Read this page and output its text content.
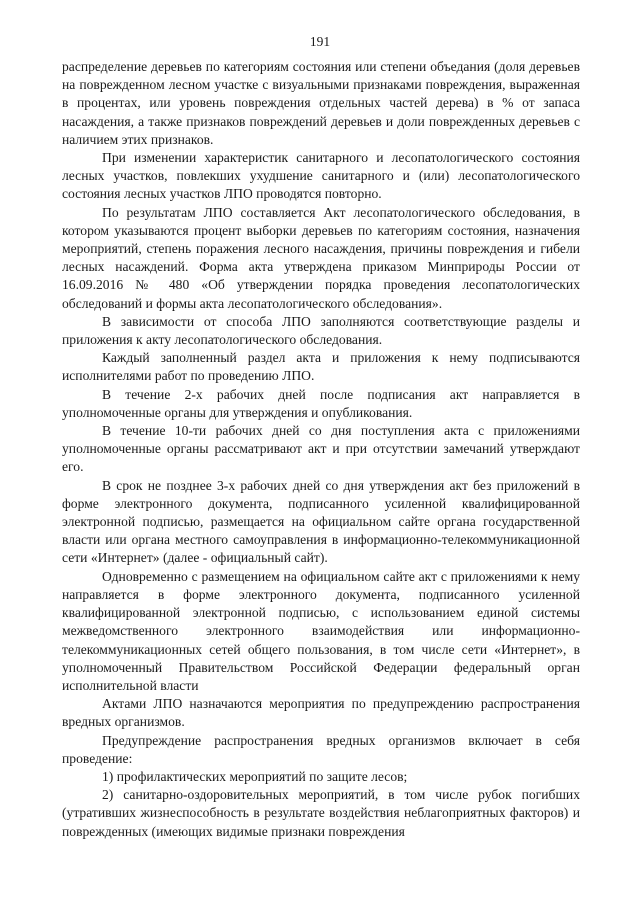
191

распределение деревьев по категориям состояния или степени объедания (доля деревьев на поврежденном лесном участке с визуальными признаками повреждения, выраженная в процентах, или уровень повреждения отдельных частей дерева) в % от запаса насаждения, а также признаков повреждений деревьев и доли поврежденных деревьев с наличием этих признаков.

При изменении характеристик санитарного и лесопатологического состояния лесных участков, повлекших ухудшение санитарного и (или) лесопатологического состояния лесных участков ЛПО проводятся повторно.

По результатам ЛПО составляется Акт лесопатологического обследования, в котором указываются процент выборки деревьев по категориям состояния, назначения мероприятий, степень поражения лесного насаждения, причины повреждения и гибели лесных насаждений. Форма акта утверждена приказом Минприроды России от 16.09.2016 № 480 «Об утверждении порядка проведения лесопатологических обследований и формы акта лесопатологического обследования».

В зависимости от способа ЛПО заполняются соответствующие разделы и приложения к акту лесопатологического обследования.

Каждый заполненный раздел акта и приложения к нему подписываются исполнителями работ по проведению ЛПО.

В течение 2-х рабочих дней после подписания акт направляется в уполномоченные органы для утверждения и опубликования.

В течение 10-ти рабочих дней со дня поступления акта с приложениями уполномоченные органы рассматривают акт и при отсутствии замечаний утверждают его.

В срок не позднее 3-х рабочих дней со дня утверждения акт без приложений в форме электронного документа, подписанного усиленной квалифицированной электронной подписью, размещается на официальном сайте органа государственной власти или органа местного самоуправления в информационно-телекоммуникационной сети «Интернет» (далее - официальный сайт).

Одновременно с размещением на официальном сайте акт с приложениями к нему направляется в форме электронного документа, подписанного усиленной квалифицированной электронной подписью, с использованием единой системы межведомственного электронного взаимодействия или информационно-телекоммуникационных сетей общего пользования, в том числе сети «Интернет», в уполномоченный Правительством Российской Федерации федеральный орган исполнительной власти

Актами ЛПО назначаются мероприятия по предупреждению распространения вредных организмов.

Предупреждение распространения вредных организмов включает в себя проведение:

1) профилактических мероприятий по защите лесов;

2) санитарно-оздоровительных мероприятий, в том числе рубок погибших (утративших жизнеспособность в результате воздействия неблагоприятных факторов) и поврежденных (имеющих видимые признаки повреждения
